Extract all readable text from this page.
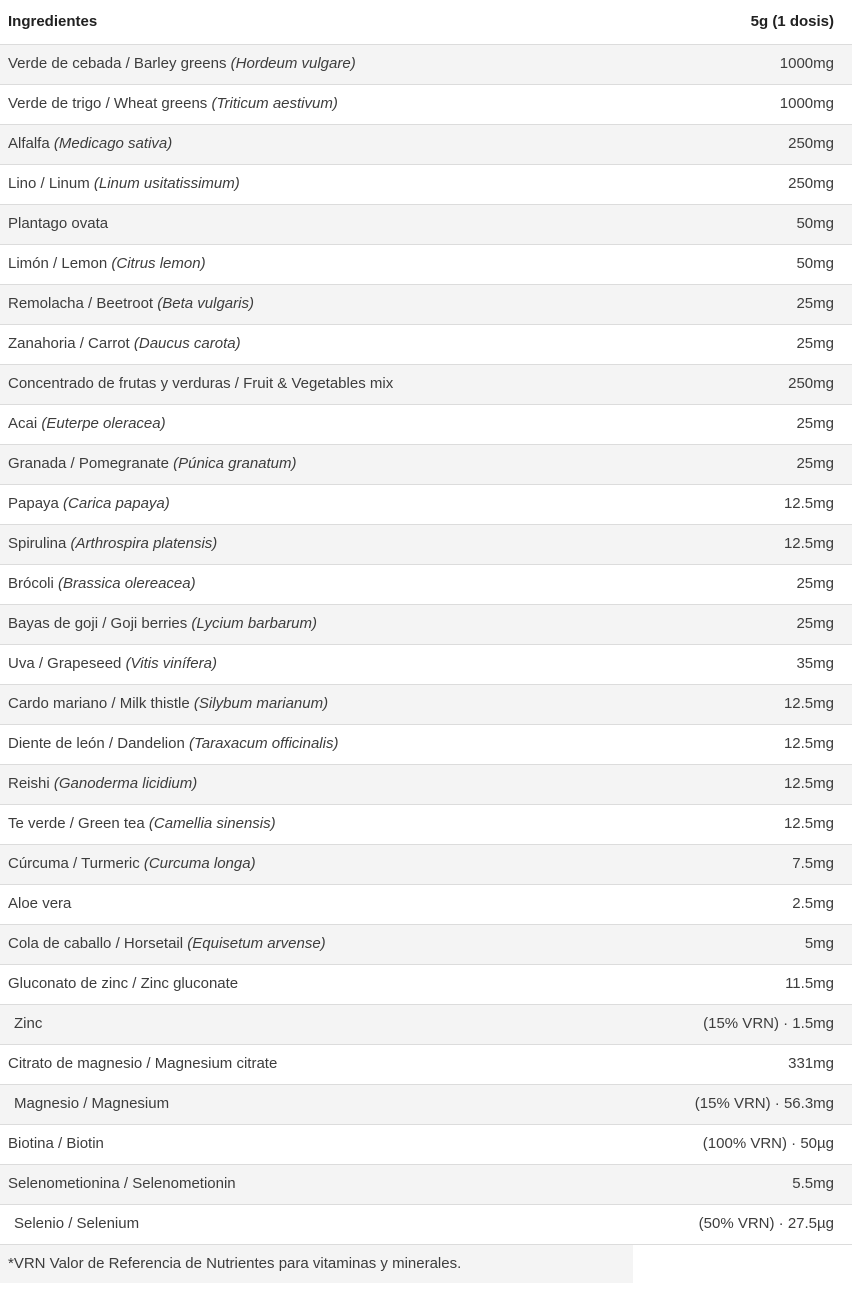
Ingredientes	5g (1 dosis)
Verde de cebada / Barley greens (Hordeum vulgare)	1000mg
Verde de trigo / Wheat greens (Triticum aestivum)	1000mg
Alfalfa (Medicago sativa)	250mg
Lino / Linum (Linum usitatissimum)	250mg
Plantago ovata	50mg
Limón / Lemon (Citrus lemon)	50mg
Remolacha / Beetroot (Beta vulgaris)	25mg
Zanahoria / Carrot (Daucus carota)	25mg
Concentrado de frutas y verduras / Fruit & Vegetables mix	250mg
Acai (Euterpe oleracea)	25mg
Granada / Pomegranate (Púnica granatum)	25mg
Papaya (Carica papaya)	12.5mg
Spirulina (Arthrospira platensis)	12.5mg
Brócoli (Brassica olereacea)	25mg
Bayas de goji / Goji berries (Lycium barbarum)	25mg
Uva / Grapeseed (Vitis vinífera)	35mg
Cardo mariano / Milk thistle (Silybum marianum)	12.5mg
Diente de león / Dandelion (Taraxacum officinalis)	12.5mg
Reishi (Ganoderma licidium)	12.5mg
Te verde / Green tea (Camellia sinensis)	12.5mg
Cúrcuma / Turmeric (Curcuma longa)	7.5mg
Aloe vera	2.5mg
Cola de caballo / Horsetail (Equisetum arvense)	5mg
Gluconato de zinc / Zinc gluconate	11.5mg
Zinc	(15% VRN) · 1.5mg
Citrato de magnesio / Magnesium citrate	331mg
Magnesio / Magnesium	(15% VRN) · 56.3mg
Biotina / Biotin	(100% VRN) · 50µg
Selenometionina / Selenometionin	5.5mg
Selenio / Selenium	(50% VRN) · 27.5µg
*VRN Valor de Referencia de Nutrientes para vitaminas y minerales.	
